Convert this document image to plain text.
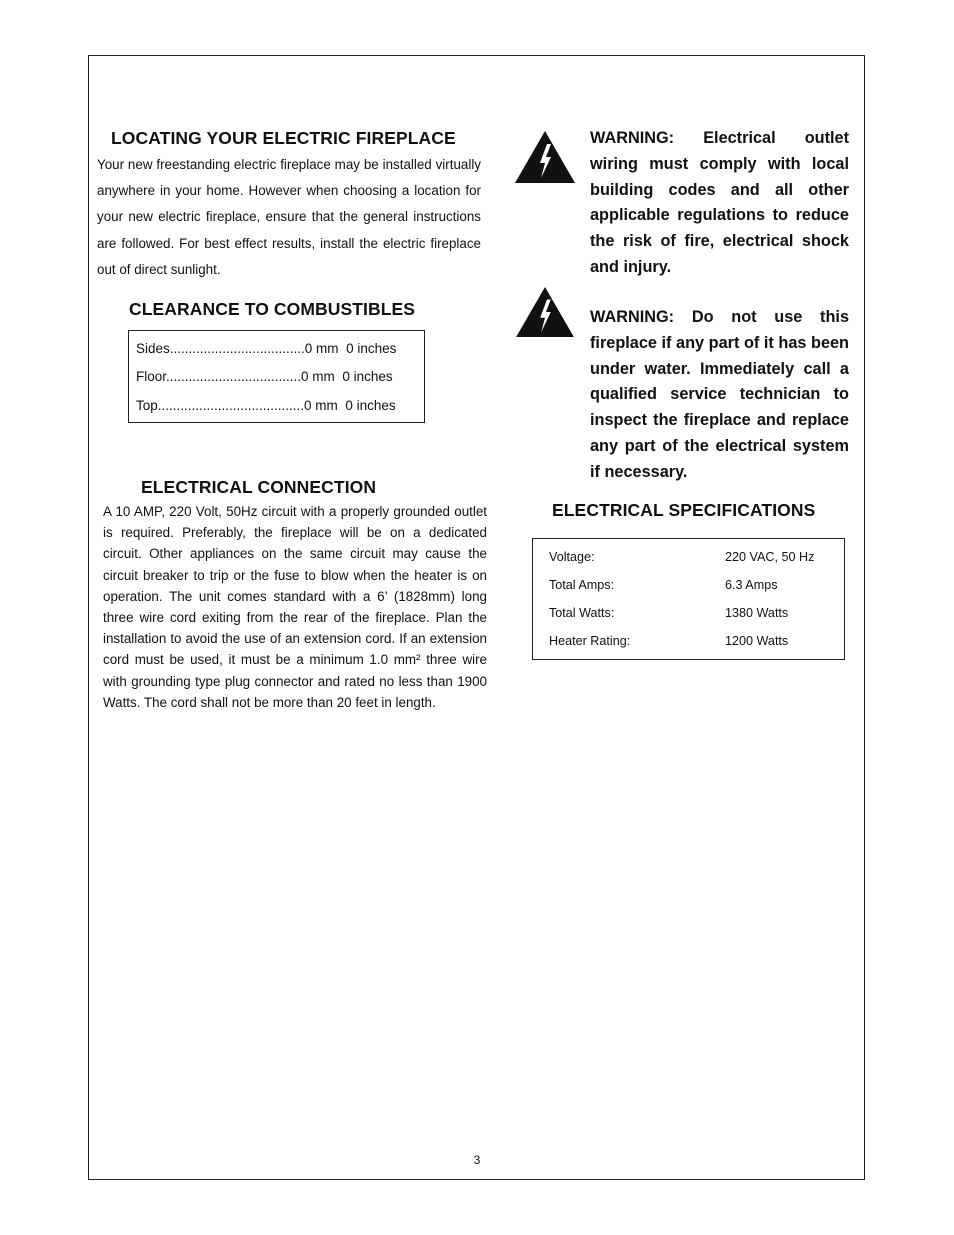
LOCATING YOUR ELECTRIC FIREPLACE

Your new freestanding electric fireplace may be installed virtually anywhere in your home. However when choosing a location for your new electric fireplace, ensure that the general instructions are followed. For best effect results, install the electric fireplace out of direct sunlight.

CLEARANCE TO COMBUSTIBLES
Sides....................................0 mm 0 inches
Floor....................................0 mm 0 inches
Top.......................................0 mm 0 inches
ELECTRICAL CONNECTION

A 10 AMP, 220 Volt, 50Hz circuit with a properly grounded outlet is required. Preferably, the fireplace will be on a dedicated circuit. Other appliances on the same circuit may cause the circuit breaker to trip or the fuse to blow when the heater is on operation. The unit comes standard with a 6’ (1828mm) long three wire cord exiting from the rear of the fireplace. Plan the installation to avoid the use of an extension cord. If an extension cord must be used, it must be a minimum 1.0 mm² three wire with grounding type plug connector and rated no less than 1900 Watts. The cord shall not be more than 20 feet in length.

WARNING: Electrical outlet wiring must comply with local building codes and all other applicable regulations to reduce the risk of fire, electrical shock and injury.

WARNING: Do not use this fireplace if any part of it has been under water. Immediately call a qualified service technician to inspect the fireplace and replace any part of the electrical system if necessary.

ELECTRICAL SPECIFICATIONS
Voltage:	220 VAC, 50 Hz
Total Amps:	6.3 Amps
Total Watts:	1380 Watts
Heater Rating:	1200 Watts
3
